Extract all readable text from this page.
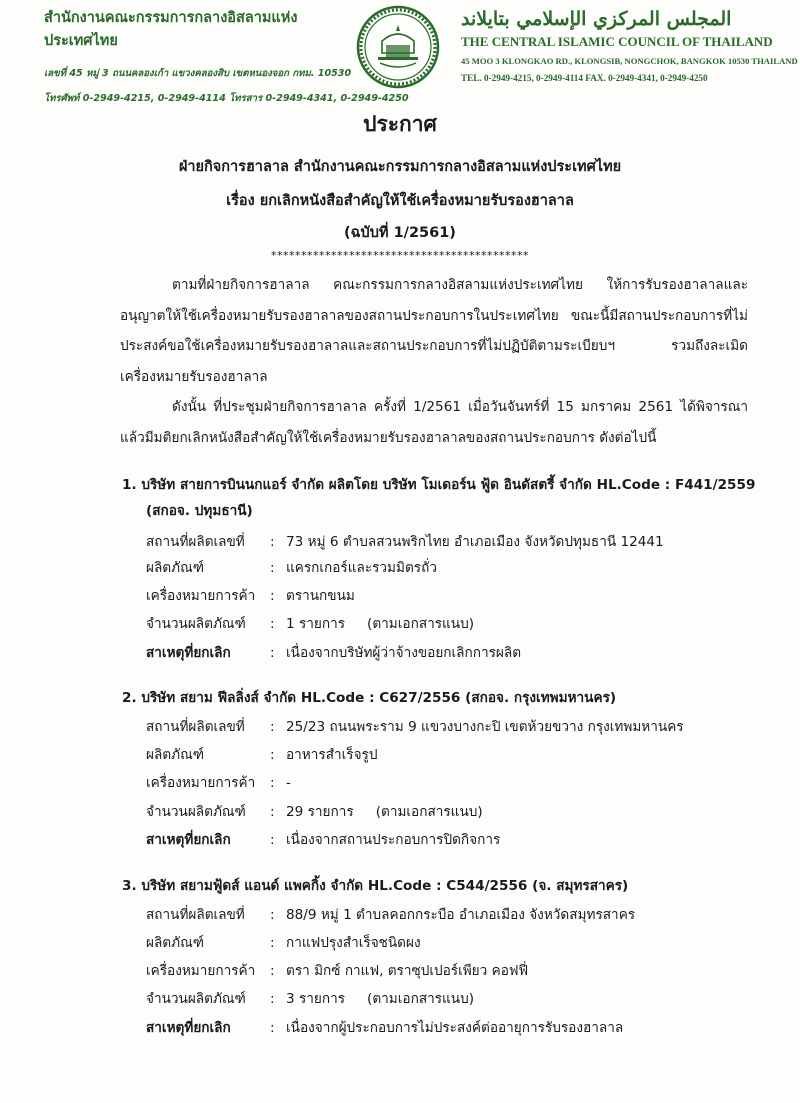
สำนักงานคณะกรรมการกลางอิสลามแห่งประเทศไทย
เลขที่ 45 หมู่ 3 ถนนคลองเก้า แขวงคลองสิบ เขตหนองจอก กทม. 10530
โทรศัพท์ 0-2949-4215, 0-2949-4114 โทรสาร 0-2949-4341, 0-2949-4250
المجلس المركزي الإسلامي بتايلاند
THE CENTRAL ISLAMIC COUNCIL OF THAILAND
45 MOO 3 KLONGKAO RD., KLONGSIB, NONGCHOK, BANGKOK 10530 THAILAND
TEL. 0-2949-4215, 0-2949-4114 FAX. 0-2949-4341, 0-2949-4250
ประกาศ
ฝ่ายกิจการฮาลาล สำนักงานคณะกรรมการกลางอิสลามแห่งประเทศไทย
เรื่อง ยกเลิกหนังสือสำคัญให้ใช้เครื่องหมายรับรองฮาลาล
(ฉบับที่ 1/2561)
*******************************************
ตามที่ฝ่ายกิจการฮาลาล คณะกรรมการกลางอิสลามแห่งประเทศไทย ให้การรับรองฮาลาลและอนุญาตให้ใช้เครื่องหมายรับรองฮาลาลของสถานประกอบการในประเทศไทย ขณะนี้มีสถานประกอบการที่ไม่ประสงค์ขอใช้เครื่องหมายรับรองฮาลาลและสถานประกอบการที่ไม่ปฏิบัติตามระเบียบฯ รวมถึงละเมิดเครื่องหมายรับรองฮาลาล
ดังนั้น ที่ประชุมฝ่ายกิจการฮาลาล ครั้งที่ 1/2561 เมื่อวันจันทร์ที่ 15 มกราคม 2561 ได้พิจารณาแล้วมีมติยกเลิกหนังสือสำคัญให้ใช้เครื่องหมายรับรองฮาลาลของสถานประกอบการ ดังต่อไปนี้
1. บริษัท สายการบินนกแอร์ จำกัด ผลิตโดย บริษัท โมเดอร์น ฟู้ด อินดัสตรี้ จำกัด HL.Code : F441/2559
(สกอจ. ปทุมธานี)
สถานที่ผลิตเลขที่ : 73 หมู่ 6 ตำบลสวนพริกไทย อำเภอเมือง จังหวัดปทุมธานี 12441
ผลิตภัณฑ์	: แครกเกอร์และรวมมิตรถั่ว
เครื่องหมายการค้า : ตรานกขนม
จำนวนผลิตภัณฑ์ : 1 รายการ (ตามเอกสารแนบ)
สาเหตุที่ยกเลิก	: เนื่องจากบริษัทผู้ว่าจ้างขอยกเลิกการผลิต
2. บริษัท สยาม ฟีลลิ่งส์ จำกัด HL.Code : C627/2556 (สกอจ. กรุงเทพมหานคร)
สถานที่ผลิตเลขที่ : 25/23 ถนนพระราม 9 แขวงบางกะปิ เขตห้วยขวาง กรุงเทพมหานคร
ผลิตภัณฑ์	: อาหารสำเร็จรูป
เครื่องหมายการค้า : -
จำนวนผลิตภัณฑ์ : 29 รายการ (ตามเอกสารแนบ)
สาเหตุที่ยกเลิก	: เนื่องจากสถานประกอบการปิดกิจการ
3. บริษัท สยามฟู้ดส์ แอนด์ แพคกิ้ง จำกัด HL.Code : C544/2556 (จ. สมุทรสาคร)
สถานที่ผลิตเลขที่ : 88/9 หมู่ 1 ตำบลคอกกระบือ อำเภอเมือง จังหวัดสมุทรสาคร
ผลิตภัณฑ์	: กาแฟปรุงสำเร็จชนิดผง
เครื่องหมายการค้า : ตรา มิกซ์ กาแฟ, ตราซุปเปอร์เพียว คอฟฟี่
จำนวนผลิตภัณฑ์ : 3 รายการ (ตามเอกสารแนบ)
สาเหตุที่ยกเลิก	: เนื่องจากผู้ประกอบการไม่ประสงค์ต่ออายุการรับรองฮาลาล
